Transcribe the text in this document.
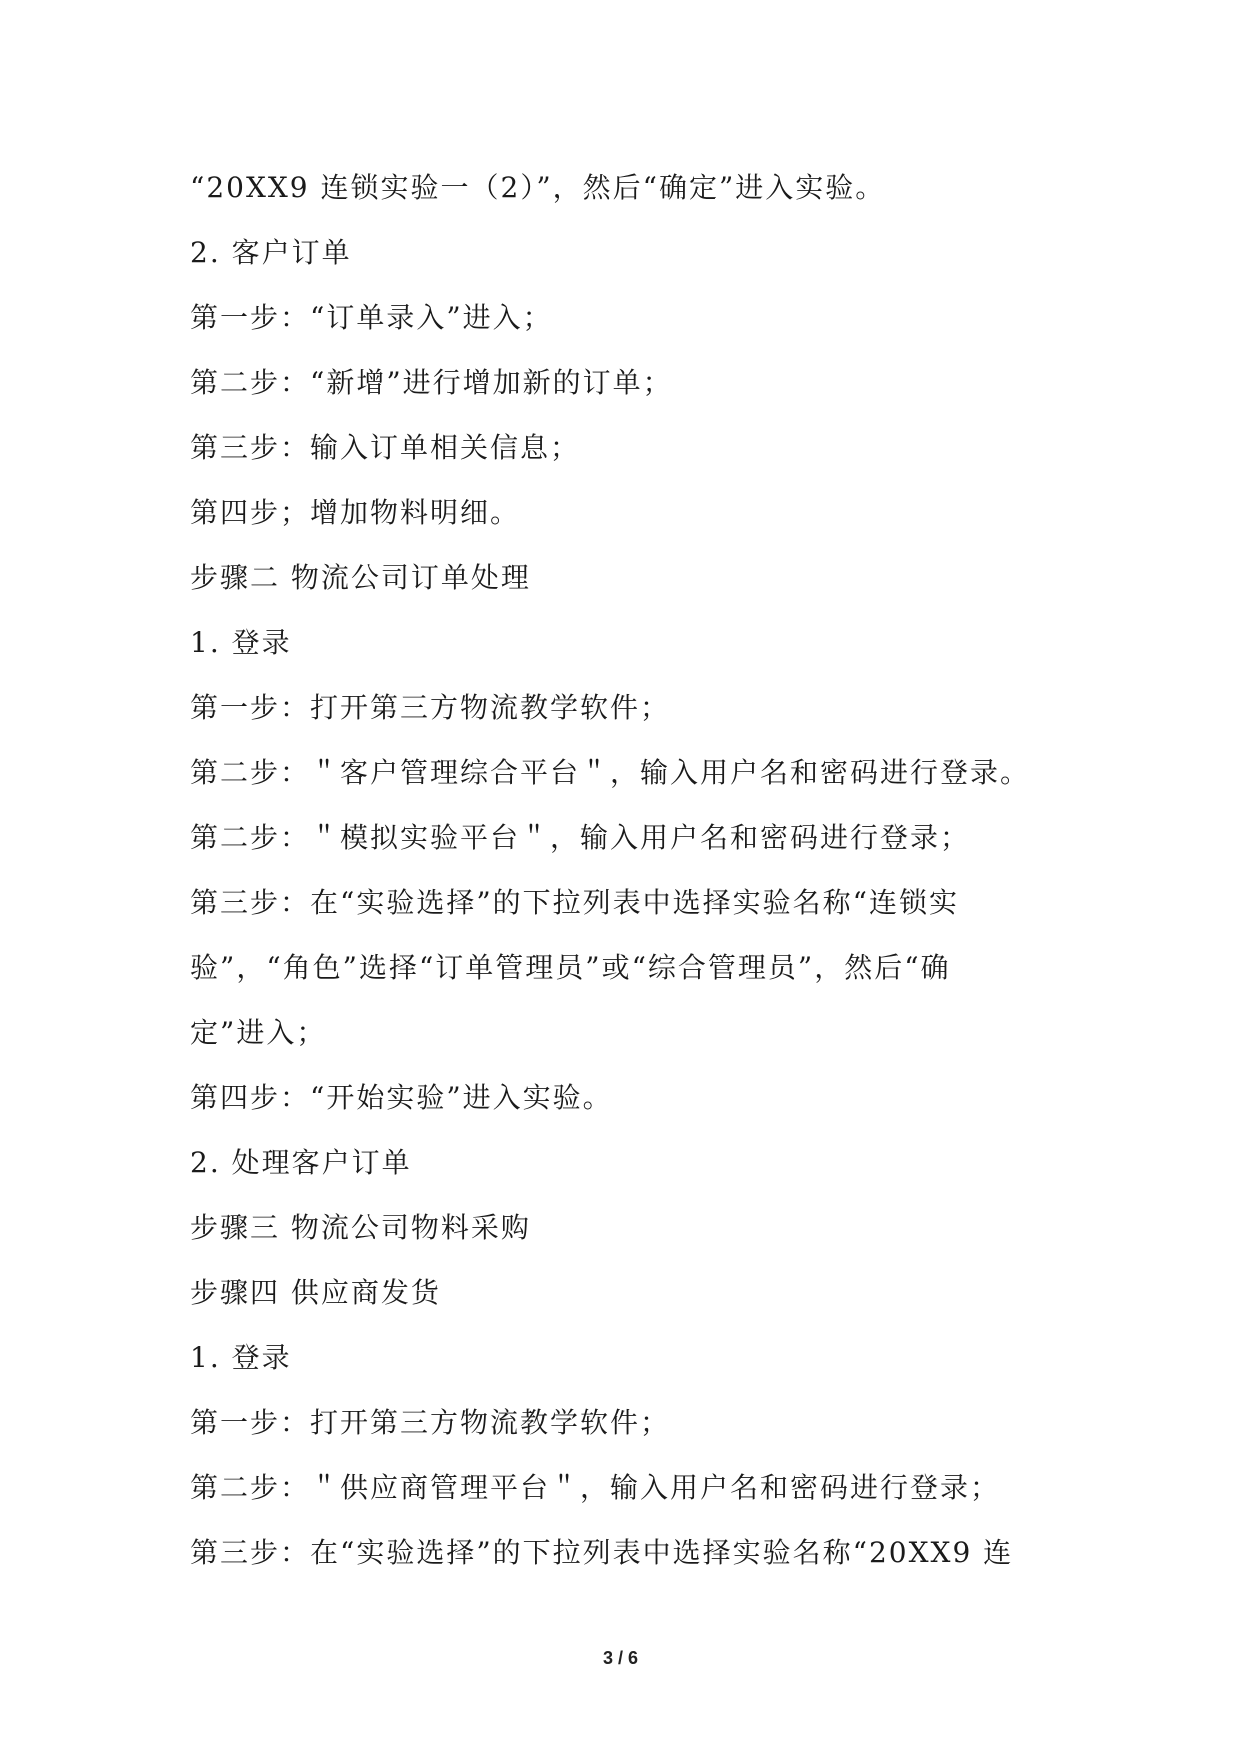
“20XX9 连锁实验一（2）”，然后“确定”进入实验。
2. 客户订单
第一步：“订单录入”进入；
第二步：“新增”进行增加新的订单；
第三步：输入订单相关信息；
第四步；增加物料明细。
步骤二 物流公司订单处理
1. 登录
第一步：打开第三方物流教学软件；
第二步：＂客户管理综合平台＂，输入用户名和密码进行登录。
第二步：＂模拟实验平台＂，输入用户名和密码进行登录；
第三步：在“实验选择”的下拉列表中选择实验名称“连锁实
验”，“角色”选择“订单管理员”或“综合管理员”，然后“确
定”进入；
第四步：“开始实验”进入实验。
2. 处理客户订单
步骤三 物流公司物料采购
步骤四 供应商发货
1. 登录
第一步：打开第三方物流教学软件；
第二步：＂供应商管理平台＂，输入用户名和密码进行登录；
第三步：在“实验选择”的下拉列表中选择实验名称“20XX9 连
3 / 6
